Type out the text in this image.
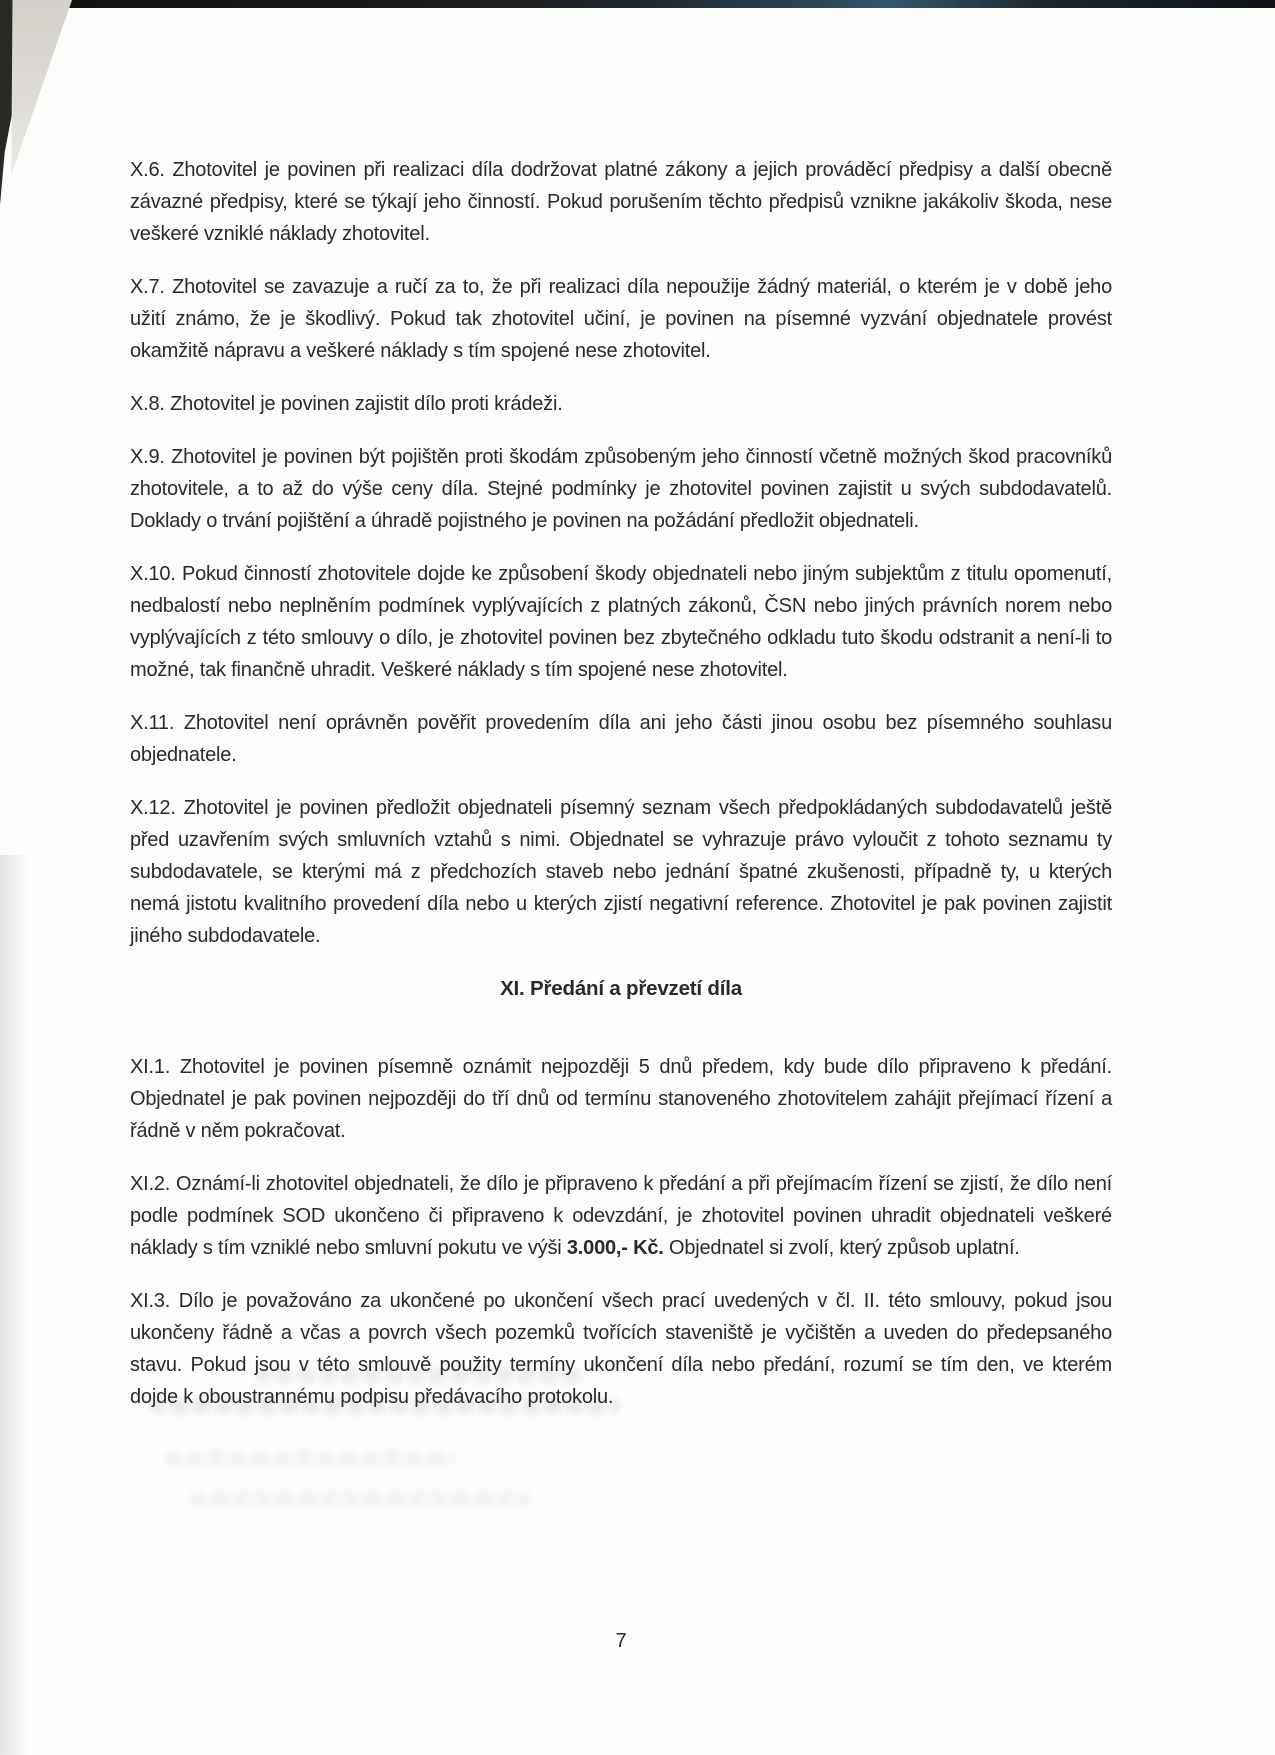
X.6. Zhotovitel je povinen při realizaci díla dodržovat platné zákony a jejich prováděcí předpisy a další obecně závazné předpisy, které se týkají jeho činností. Pokud porušením těchto předpisů vznikne jakákoliv škoda, nese veškeré vzniklé náklady zhotovitel.

X.7. Zhotovitel se zavazuje a ručí za to, že při realizaci díla nepoužije žádný materiál, o kterém je v době jeho užití známo, že je škodlivý. Pokud tak zhotovitel učiní, je povinen na písemné vyzvání objednatele provést okamžitě nápravu a veškeré náklady s tím spojené nese zhotovitel.

X.8. Zhotovitel je povinen zajistit dílo proti krádeži.

X.9. Zhotovitel je povinen být pojištěn proti škodám způsobeným jeho činností včetně možných škod pracovníků zhotovitele, a to až do výše ceny díla. Stejné podmínky je zhotovitel povinen zajistit u svých subdodavatelů. Doklady o trvání pojištění a úhradě pojistného je povinen na požádání předložit objednateli.

X.10. Pokud činností zhotovitele dojde ke způsobení škody objednateli nebo jiným subjektům z titulu opomenutí, nedbalostí nebo neplněním podmínek vyplývajících z platných zákonů, ČSN nebo jiných právních norem nebo vyplývajících z této smlouvy o dílo, je zhotovitel povinen bez zbytečného odkladu tuto škodu odstranit a není-li to možné, tak finančně uhradit. Veškeré náklady s tím spojené nese zhotovitel.

X.11. Zhotovitel není oprávněn pověřit provedením díla ani jeho části jinou osobu bez písemného souhlasu objednatele.

X.12. Zhotovitel je povinen předložit objednateli písemný seznam všech předpokládaných subdodavatelů ještě před uzavřením svých smluvních vztahů s nimi. Objednatel se vyhrazuje právo vyloučit z tohoto seznamu ty subdodavatele, se kterými má z předchozích staveb nebo jednání špatné zkušenosti, případně ty, u kterých nemá jistotu kvalitního provedení díla nebo u kterých zjistí negativní reference. Zhotovitel je pak povinen zajistit jiného subdodavatele.

XI. Předání a převzetí díla

XI.1. Zhotovitel je povinen písemně oznámit nejpozději 5 dnů předem, kdy bude dílo připraveno k předání. Objednatel je pak povinen nejpozději do tří dnů od termínu stanoveného zhotovitelem zahájit přejímací řízení a řádně v něm pokračovat.

XI.2. Oznámí-li zhotovitel objednateli, že dílo je připraveno k předání a při přejímacím řízení se zjistí, že dílo není podle podmínek SOD ukončeno či připraveno k odevzdání, je zhotovitel povinen uhradit objednateli veškeré náklady s tím vzniklé nebo smluvní pokutu ve výši 3.000,- Kč. Objednatel si zvolí, který způsob uplatní.

XI.3. Dílo je považováno za ukončené po ukončení všech prací uvedených v čl. II. této smlouvy, pokud jsou ukončeny řádně a včas a povrch všech pozemků tvořících staveniště je vyčištěn a uveden do předepsaného stavu. Pokud jsou v této smlouvě použity termíny ukončení díla nebo předání, rozumí se tím den, ve kterém dojde k oboustrannému podpisu předávacího protokolu.

7
